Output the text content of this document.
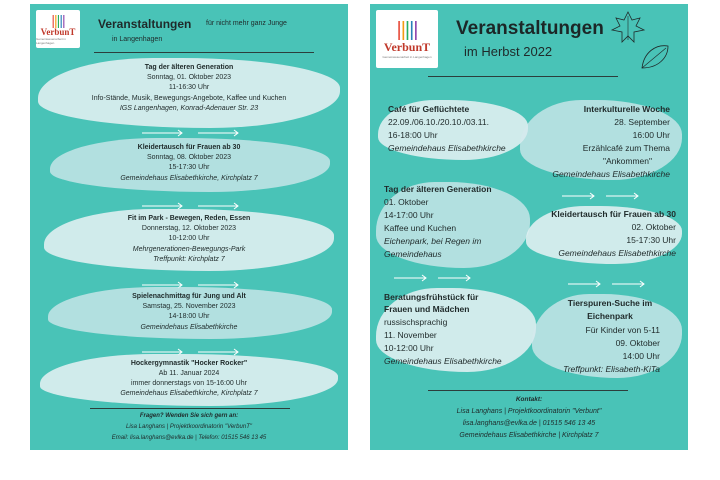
|||||
VerbunT
Gemeinwesenarbeit in Langenhagen
Veranstaltungen für nicht mehr ganz Junge
in Langenhagen
Tag der älteren Generation
Sonntag, 01. Oktober 2023
11-16:30 Uhr
Info-Stände, Musik, Bewegungs-Angebote, Kaffee und Kuchen
IGS Langenhagen, Konrad-Adenauer Str. 23
Kleidertausch für Frauen ab 30
Sonntag, 08. Oktober 2023
15-17:30 Uhr
Gemeindehaus Elisabethkirche, Kirchplatz 7
Fit im Park - Bewegen, Reden, Essen
Donnerstag, 12. Oktober 2023
10-12:00 Uhr
Mehrgenerationen-Bewegungs-Park
Treffpunkt: Kirchplatz 7
Spielenachmittag für Jung und Alt
Samstag, 25. November 2023
14-18:00 Uhr
Gemeindehaus Elisabethkirche
Hockergymnastik "Hocker Rocker"
Ab 11. Januar 2024
immer donnerstags von 15-16:00 Uhr
Gemeindehaus Elisabethkirche, Kirchplatz 7
Fragen? Wenden Sie sich gern an:
Lisa Langhans | Projektkoordinatorin "VerbunT"
Email: lisa.langhans@evlka.de | Telefon: 01515 546 13 45
|||||
VerbunT
Gemeinwesenarbeit in Langenhagen
Veranstaltungen
im Herbst 2022
Café für Geflüchtete
22.09./06.10./20.10./03.11.
16-18:00 Uhr
Gemeindehaus Elisabethkirche
Interkulturelle Woche
28. September
16:00 Uhr
Erzählcafé zum Thema
"Ankommen"
Gemeindehaus Elisabethkirche
Tag der älteren Generation
01. Oktober
14-17:00 Uhr
Kaffee und Kuchen
Eichenpark, bei Regen im
Gemeindehaus
Kleidertausch für Frauen ab 30
02. Oktober
15-17:30 Uhr
Gemeindehaus Elisabethkirche
Beratungsfrühstück für
Frauen und Mädchen
russischsprachig
11. November
10-12:00 Uhr
Gemeindehaus Elisabethkirche
Tierspuren-Suche im
Eichenpark
Für Kinder von 5-11
09. Oktober
14:00 Uhr
Treffpunkt: Elisabeth-KiTa
Kontakt:
Lisa Langhans | Projektkoordinatorin "Verbunt"
lisa.langhans@evlka.de | 01515 546 13 45
Gemeindehaus Elisabethkirche | Kirchplatz 7
